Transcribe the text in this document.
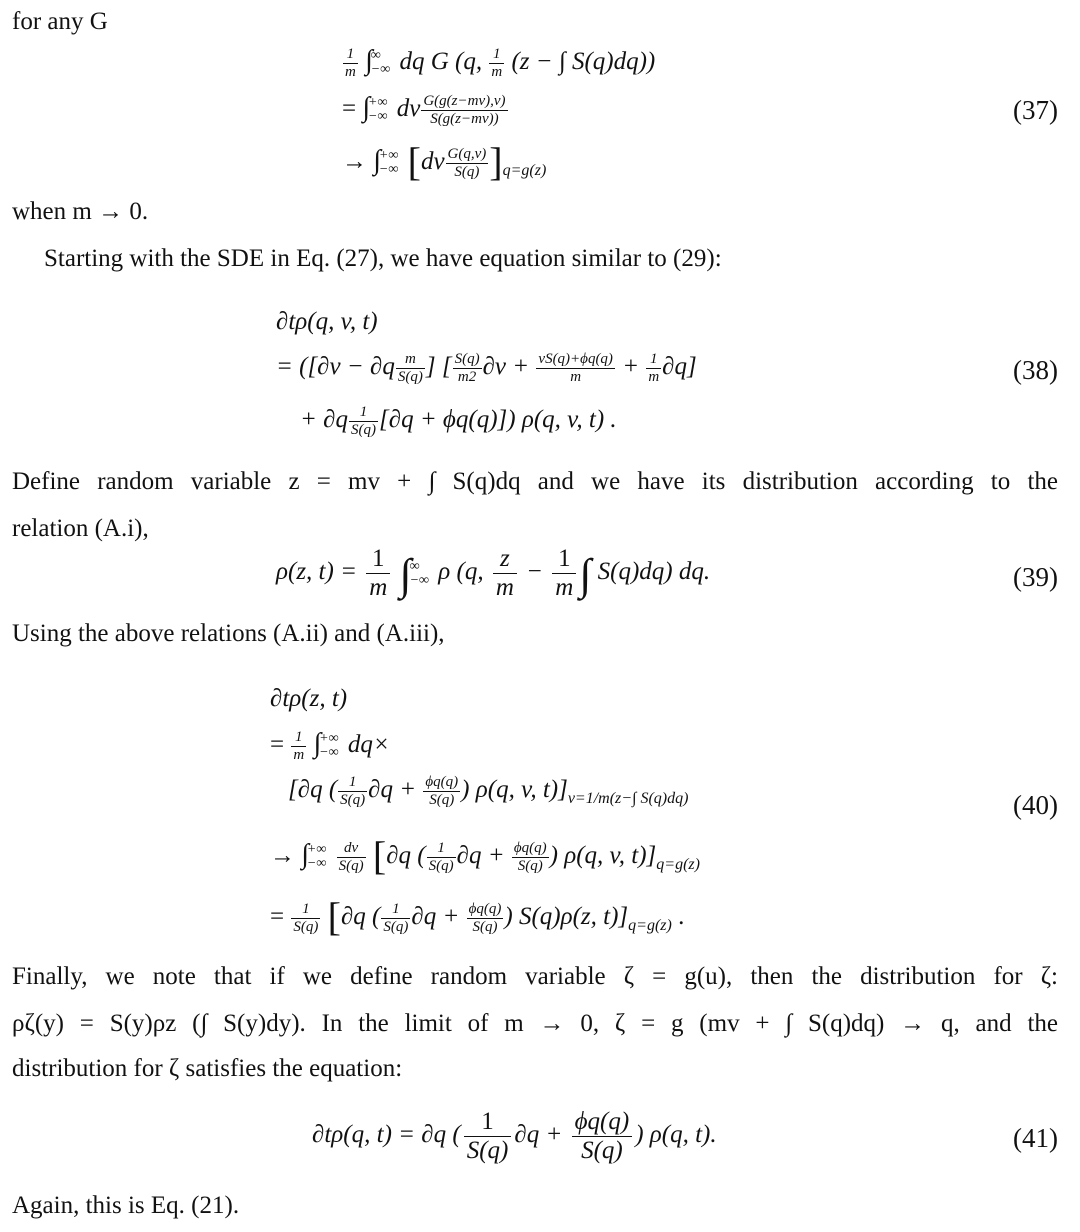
for any G
$\frac{1}{m}$ ∫
∞
−∞ dq G (q, $\frac{1}{m} (z$ − ∫ S(q)dq))
= ∫
+∞
−∞ dv $\frac{G(g(z-mv),v)}{S(g(z-mv))}$
→ ∫
+∞
−∞ $[dv \frac{G(q,v)}{S(q)} ]_{q=g(z)}$
(37)
when m → 0.
Starting with the SDE in Eq. (27), we have equation similar to (29):
∂tρ(q, v, t)
= ([$\partial v - \partial q \frac{m}{S(q)}$ ] [ $\frac{S(q)}{m2} \partial v + \frac{vS(q)+\phi q(q)}{m} + \frac{1}{m} \partial q$]
+ $\partial q \frac{1}{S(q)} [\partial q + \phi q(q)]$) ρ(q, v, t) .
(38)
Define random variable z = mv + ∫ S(q)dq and we have its distribution according to the
relation (A.i),
ρ(z, $t) = \frac{1}{m}$ ∫
∞
−∞ ρ (q, $\frac{z}{m} - \frac{1}{m}$ ∫ S(q)dq) dq.	(39)
Using the above relations (A.ii) and (A.iii),
∂tρ(z, t)
= $\frac{1}{m}$ ∫
+∞
−∞ dq×
[∂q ( $\frac{1}{S(q)} \partial q + \frac{\phi q(q)}{S(q)}$ ) ρ(q, v, $t)]_{v=1/m(z-\int S(q)dq)}$
→ ∫
+∞
−∞
$\frac{dv}{S(q)} [\partial q$ ( $\frac{1}{S(q)} \partial q + \frac{\phi q(q)}{S(q)}$ ) ρ(q, v, $t)]_{q=g(z)}$
= $\frac{1}{S(q)} [\partial q$ ( $\frac{1}{S(q)} \partial q + \frac{\phi q(q)}{S(q)}$ ) S(q)ρ(z, $t)]_{q=g(z)}$ .
(40)
Finally, we note that if we define random variable ζ = g(u), then the distribution for ζ:
ρζ(y) = S(y)ρz (∫ S(y)dy). In the limit of m → 0, ζ = g (mv + ∫ S(q)dq) → q, and the
distribution for ζ satisfies the equation:
∂tρ(q, t) = ∂q ( $\frac{1}{S(q)} \partial q + \frac{\phi q(q)}{S(q)}$ ) ρ(q, t).	(41)
Again, this is Eq. (21).
